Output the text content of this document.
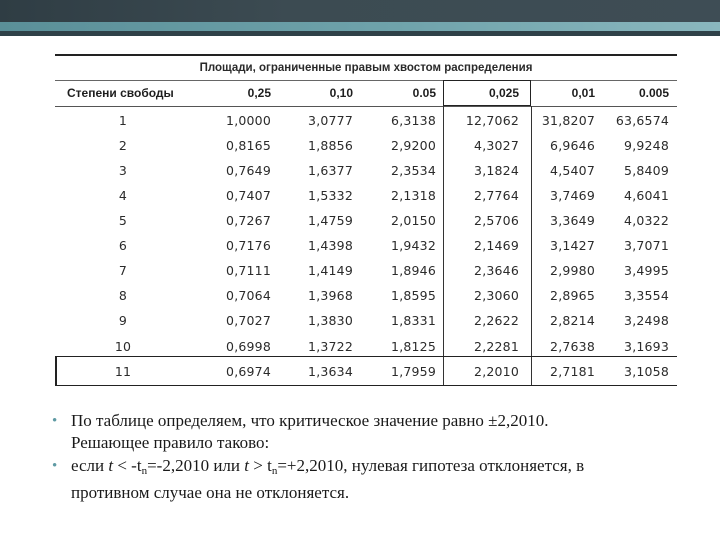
Площади, ограниченные правым хвостом распределения
Степени свободы	0,25	0,10	0.05	0,025	0,01	0.005
1	1,0000	3,0777	6,3138	12,7062	31,8207	63,6574
2	0,8165	1,8856	2,9200	4,3027	6,9646	9,9248
3	0,7649	1,6377	2,3534	3,1824	4,5407	5,8409
4	0,7407	1,5332	2,1318	2,7764	3,7469	4,6041
5	0,7267	1,4759	2,0150	2,5706	3,3649	4,0322
6	0,7176	1,4398	1,9432	2,1469	3,1427	3,7071
7	0,7111	1,4149	1,8946	2,3646	2,9980	3,4995
8	0,7064	1,3968	1,8595	2,3060	2,8965	3,3554
9	0,7027	1,3830	1,8331	2,2622	2,8214	3,2498
10	0,6998	1,3722	1,8125	2,2281	2,7638	3,1693
11	0,6974	1,3634	1,7959	2,2010	2,7181	3,1058
• По таблице определяем, что критическое значение равно ±2,2010.
Решающее правило таково:
• если $t < -t_n=-2,2010$ или $t > t_n=+2,2010$, нулевая гипотеза отклоняется, в
противном случае она не отклоняется.
